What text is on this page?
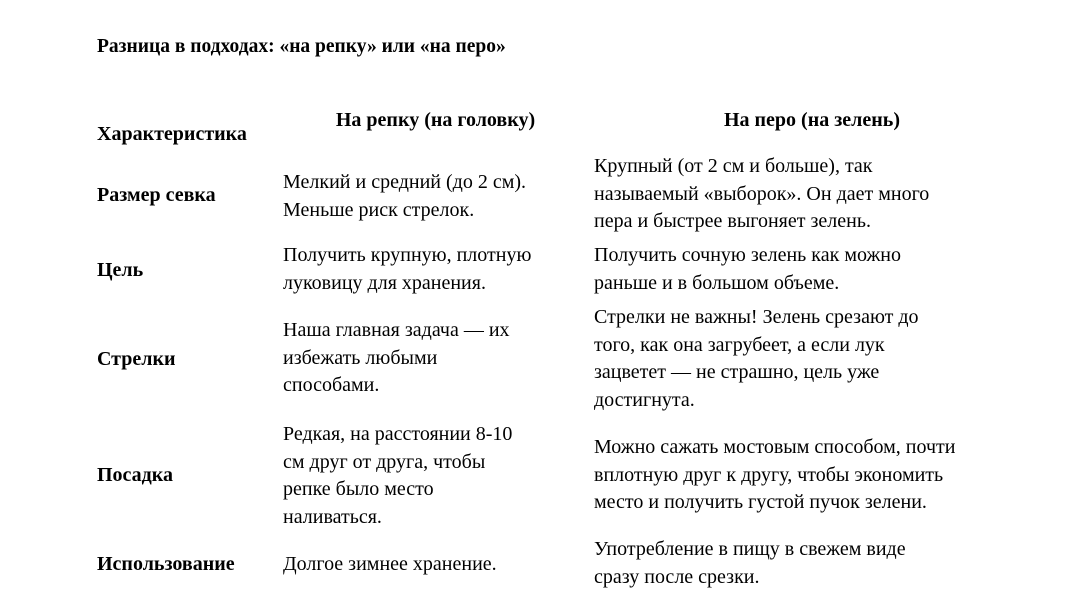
Разница в подходах: «на репку» или «на перо»
Характеристика
На репку (на головку)	На перо (на зелень)
Размер севка
Мелкий и средний (до 2 см).
Меньше риск стрелок.
Крупный (от 2 см и больше), так
называемый «выборок». Он дает много
пера и быстрее выгоняет зелень.
Цель
Получить крупную, плотную
луковицу для хранения.
Получить сочную зелень как можно
раньше и в большом объеме.
Стрелки
Наша главная задача — их
избежать любыми
способами.
Стрелки не важны! Зелень срезают до
того, как она загрубеет, а если лук
зацветет — не страшно, цель уже
достигнута.
Посадка
Редкая, на расстоянии 8-10
см друг от друга, чтобы
репке было место
наливаться.
Можно сажать мостовым способом, почти
вплотную друг к другу, чтобы экономить
место и получить густой пучок зелени.
Использование Долгое зимнее хранение.
Употребление в пищу в свежем виде
сразу после срезки.
